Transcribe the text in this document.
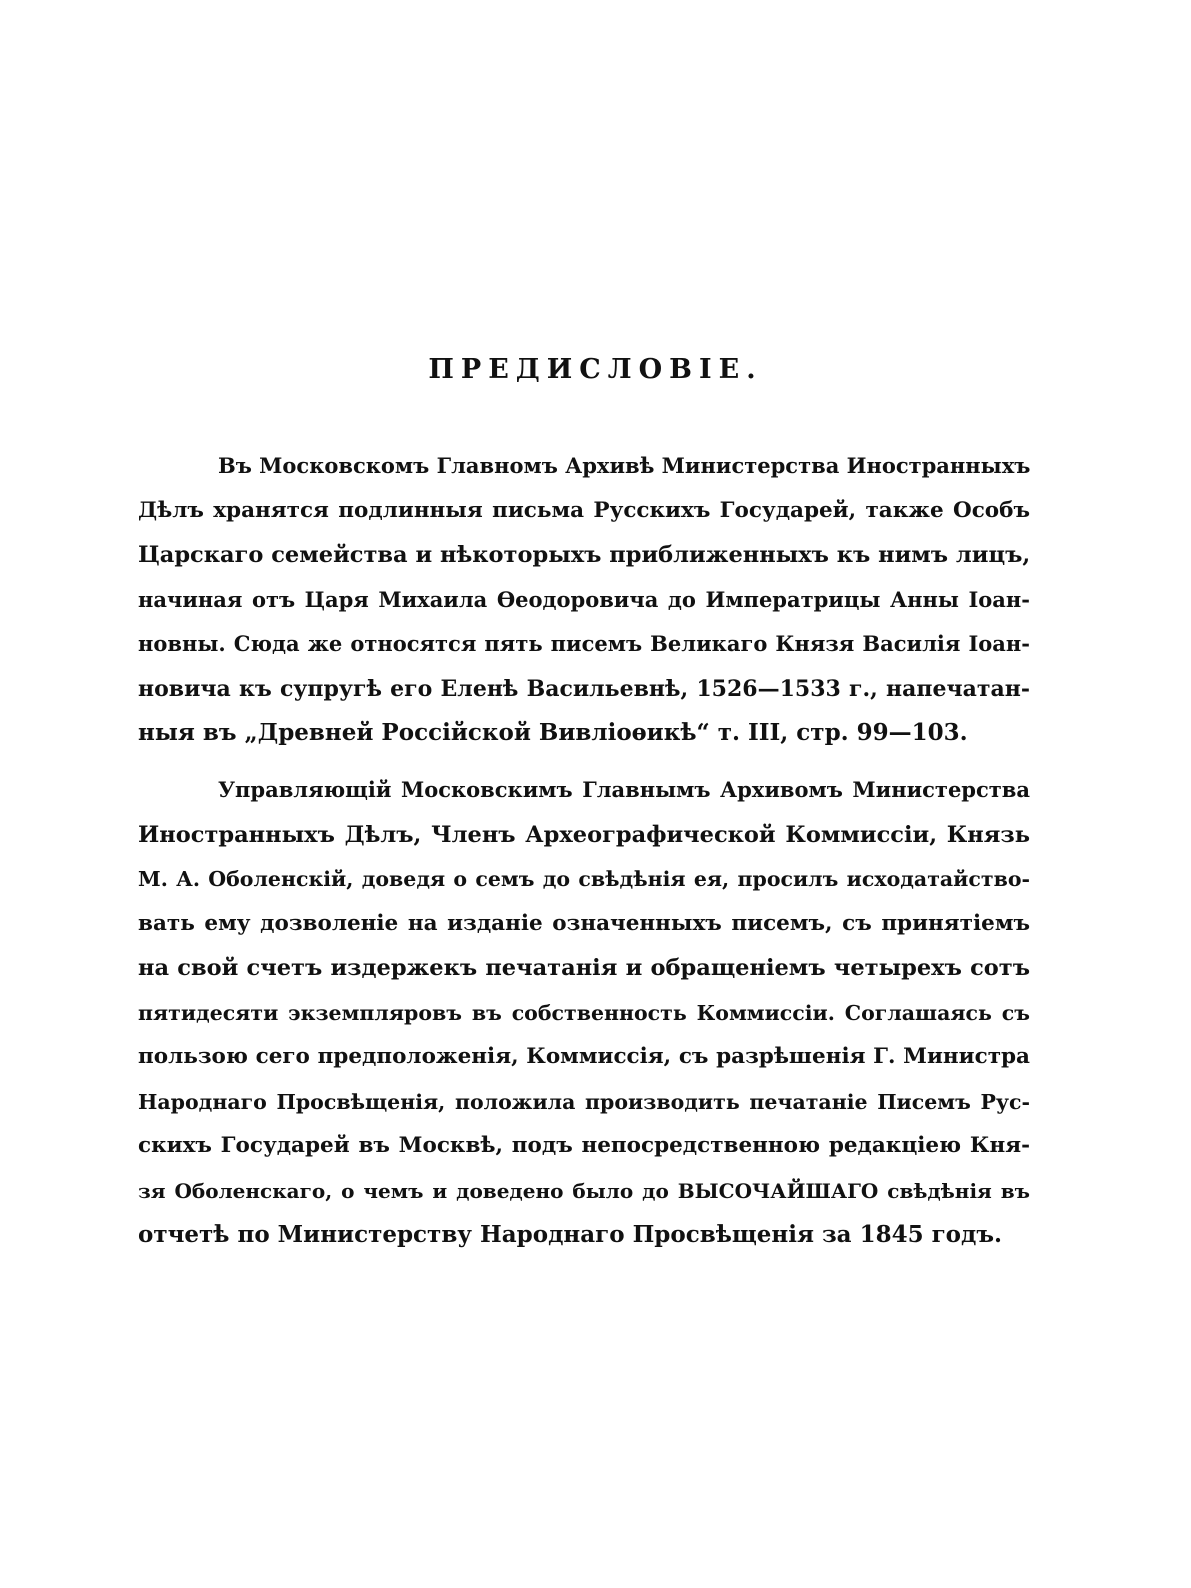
ПРЕДИСЛОВІЕ.
Въ Московскомъ Главномъ Архивѣ Министерства Иностранныхъ
Дѣлъ хранятся подлинныя письма Русскихъ Государей, также Особъ
Царскаго семейства и нѣкоторыхъ приближенныхъ къ нимъ лицъ,
начиная отъ Царя Михаила Ѳеодоровича до Императрицы Анны Іоан-
новны. Сюда же относятся пять писемъ Великаго Князя Василія Іоан-
новича къ супругѣ его Еленѣ Васильевнѣ, 1526—1533 г., напечатан-
ныя въ „Древней Россійской Вивліоѳикѣ“ т. III, стр. 99—103.
Управляющій Московскимъ Главнымъ Архивомъ Министерства
Иностранныхъ Дѣлъ, Членъ Археографической Коммиссіи, Князь
М. А. Оболенскій, доведя о семъ до свѣдѣнія ея, просилъ исходатайство-
вать ему дозволеніе на изданіе означенныхъ писемъ, съ принятіемъ
на свой счетъ издержекъ печатанія и обращеніемъ четырехъ сотъ
пятидесяти экземпляровъ въ собственность Коммиссіи. Соглашаясь съ
пользою сего предположенія, Коммиссія, съ разрѣшенія Г. Министра
Народнаго Просвѣщенія, положила производить печатаніе Писемъ Рус-
скихъ Государей въ Москвѣ, подъ непосредственною редакціею Кня-
зя Оболенскаго, о чемъ и доведено было до ВЫСОЧАЙШАГО свѣдѣнія въ
отчетѣ по Министерству Народнаго Просвѣщенія за 1845 годъ.
